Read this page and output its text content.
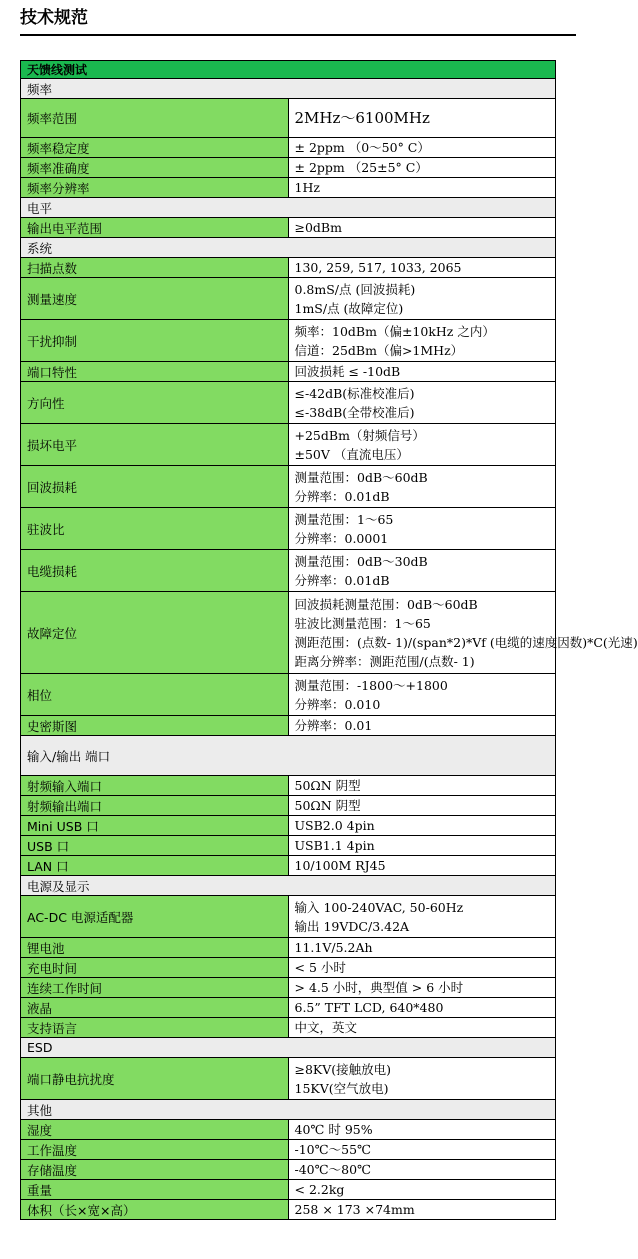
技术规范
天馈线测试	
频率	
频率范围	2MHz～6100MHz

频率稳定度	± 2ppm （0～50° C）

频率准确度	± 2ppm （25±5° C）

频率分辨率	1Hz

电平	
输出电平范围	≥0dBm

系统	
扫描点数	130, 259, 517, 1033, 2065

测量速度	0.8mS/点 (回波损耗)
1mS/点 (故障定位)

干扰抑制	频率：10dBm（偏±10kHz 之内）
信道：25dBm（偏>1MHz）

端口特性	回波损耗 ≤ -10dB

方向性	≤-42dB(标准校准后)
≤-38dB(全带校准后)

损坏电平	+25dBm（射频信号）
±50V （直流电压）

回波损耗	测量范围：0dB～60dB
分辨率：0.01dB

驻波比	测量范围：1～65
分辨率：0.0001

电缆损耗	测量范围：0dB～30dB
分辨率：0.01dB

故障定位	回波损耗测量范围：0dB～60dB
驻波比测量范围：1～65
测距范围：(点数- 1)/(span*2)*Vf (电缆的速度因数)*C(光速)
距离分辨率：测距范围/(点数- 1)

相位	测量范围：-1800～+1800
分辨率：0.010

史密斯图	分辨率：0.01

输入/输出 端口	
射频输入端口	50ΩN 阴型

射频输出端口	50ΩN 阴型

Mini USB 口	USB2.0 4pin

USB 口	USB1.1 4pin

LAN 口	10/100M RJ45

电源及显示	
AC-DC 电源适配器	输入 100-240VAC, 50-60Hz
输出 19VDC/3.42A

锂电池	11.1V/5.2Ah

充电时间	< 5 小时

连续工作时间	> 4.5 小时，典型值 > 6 小时

液晶	6.5” TFT LCD, 640*480

支持语言	中文，英文

ESD	
端口静电抗扰度	≥8KV(接触放电)
15KV(空气放电)

其他	
湿度	40℃ 时 95%

工作温度	-10℃～55℃

存储温度	-40℃～80℃

重量	< 2.2kg

体积（长×宽×高）	258 × 173 ×74mm
